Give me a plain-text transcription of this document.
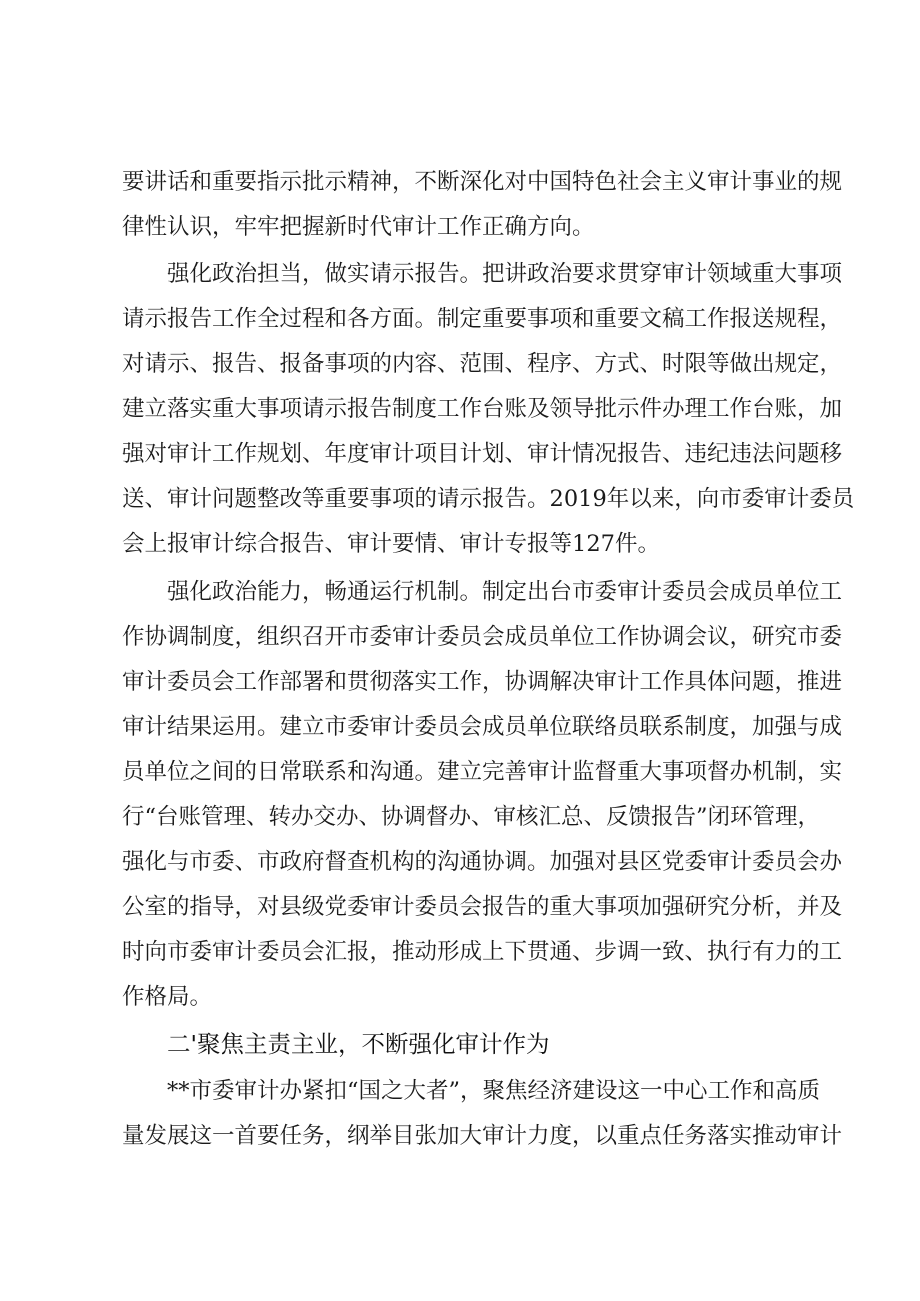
要讲话和重要指示批示精神，不断深化对中国特色社会主义审计事业的规
律性认识，牢牢把握新时代审计工作正确方向。
强化政治担当，做实请示报告。把讲政治要求贯穿审计领域重大事项
请示报告工作全过程和各方面。制定重要事项和重要文稿工作报送规程，
对请示、报告、报备事项的内容、范围、程序、方式、时限等做出规定，
建立落实重大事项请示报告制度工作台账及领导批示件办理工作台账，加
强对审计工作规划、年度审计项目计划、审计情况报告、违纪违法问题移
送、审计问题整改等重要事项的请示报告。2019年以来，向市委审计委员
会上报审计综合报告、审计要情、审计专报等127件。
强化政治能力，畅通运行机制。制定出台市委审计委员会成员单位工
作协调制度，组织召开市委审计委员会成员单位工作协调会议，研究市委
审计委员会工作部署和贯彻落实工作，协调解决审计工作具体问题，推进
审计结果运用。建立市委审计委员会成员单位联络员联系制度，加强与成
员单位之间的日常联系和沟通。建立完善审计监督重大事项督办机制，实
行“台账管理、转办交办、协调督办、审核汇总、反馈报告”闭环管理，
强化与市委、市政府督查机构的沟通协调。加强对县区党委审计委员会办
公室的指导，对县级党委审计委员会报告的重大事项加强研究分析，并及
时向市委审计委员会汇报，推动形成上下贯通、步调一致、执行有力的工
作格局。
二'聚焦主责主业，不断强化审计作为
**市委审计办紧扣“国之大者”，聚焦经济建设这一中心工作和高质
量发展这一首要任务，纲举目张加大审计力度，以重点任务落实推动审计
